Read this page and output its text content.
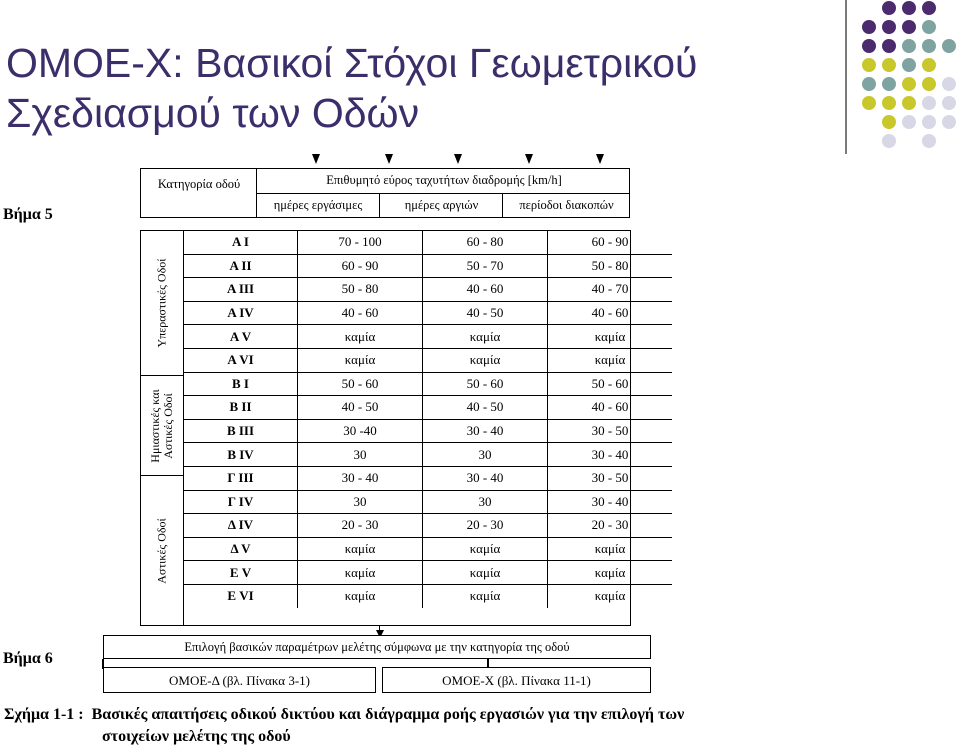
ΟΜΟΕ-Χ: Βασικοί Στόχοι Γεωμετρικού
Σχεδιασμού των Οδών
Βήμα 5
Βήμα 6
Κατηγορία οδού	Επιθυμητό εύρος ταχυτήτων διαδρομής [km/h]
ημέρες εργάσιμες	ημέρες αργιών	περίοδοι διακοπών
Υπεραστικές Οδοί
Ημιαστικές και Αστικές Οδοί
Αστικές Οδοί
Α Ι	70 - 100	60 - 80	60 - 90
Α ΙΙ	60 - 90	50 - 70	50 - 80
Α ΙΙΙ	50 - 80	40 - 60	40 - 70
Α ΙV	40 - 60	40 - 50	40 - 60
Α V	καμία	καμία	καμία
Α VΙ	καμία	καμία	καμία
Β Ι	50 - 60	50 - 60	50 - 60
Β ΙΙ	40 - 50	40 - 50	40 - 60
Β ΙΙΙ	30 -40	30 - 40	30 - 50
Β ΙV	30	30	30 - 40
Γ ΙΙΙ	30 - 40	30 - 40	30 - 50
Γ ΙV	30	30	30 - 40
Δ ΙV	20 - 30	20 - 30	20 - 30
Δ V	καμία	καμία	καμία
Ε V	καμία	καμία	καμία
Ε VΙ	καμία	καμία	καμία
Επιλογή βασικών παραμέτρων μελέτης σύμφωνα με την κατηγορία της οδού
ΟΜΟΕ-Δ (βλ. Πίνακα 3-1)	ΟΜΟΕ-Χ (βλ. Πίνακα 11-1)
Σχήμα 1-1 : Βασικές απαιτήσεις οδικού δικτύου και διάγραμμα ροής εργασιών για την επιλογή των
στοιχείων μελέτης της οδού
